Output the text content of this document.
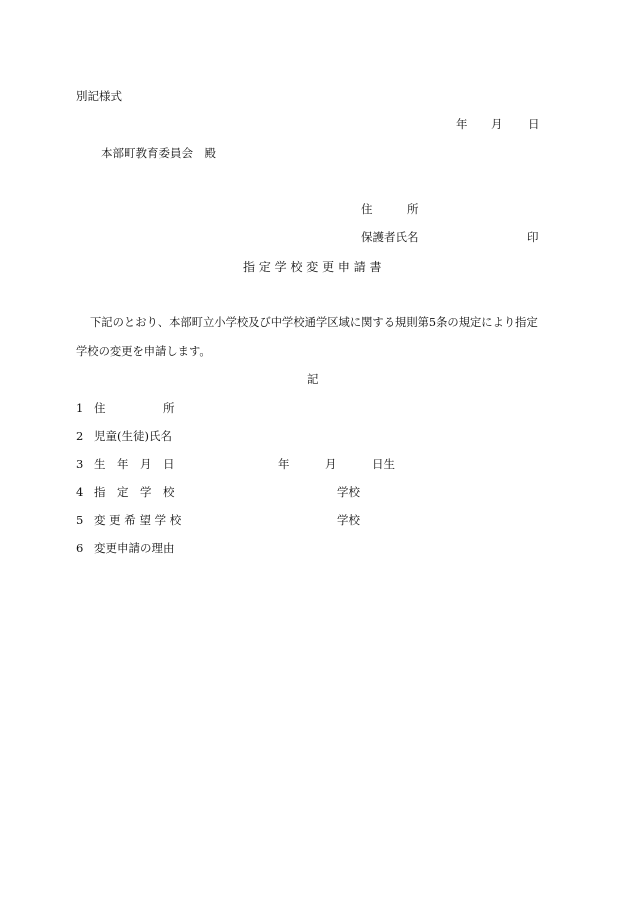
別記様式
年 月 日
本部町教育委員会　殿
住　　　所
保護者氏名	印
指 定 学 校 変 更 申 請 書
下記のとおり、本部町立小学校及び中学校通学区域に関する規則第5条の規定により指定
学校の変更を申請します。
記
1 住　　　　　所
2 児童(生徒)氏名
3 生　年　月　日	年	月	日生
4 指　定　学　校	学校
5 変 更 希 望 学 校	学校
6 変更申請の理由
